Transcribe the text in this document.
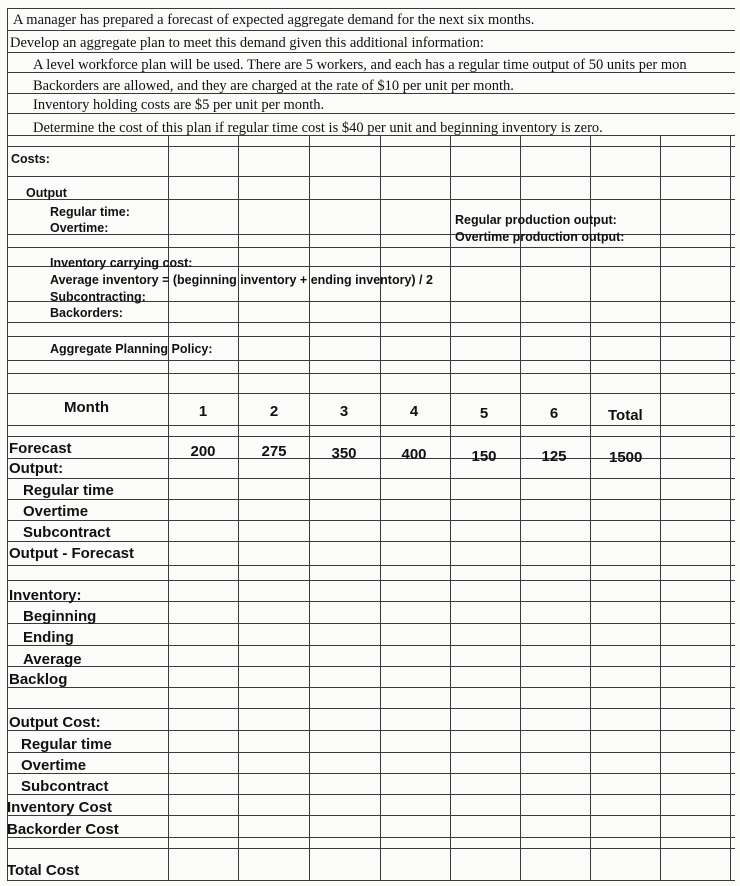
A manager has prepared a forecast of expected aggregate demand for the next six months.
Develop an aggregate plan to meet this demand given this additional information:
A level workforce plan will be used. There are 5 workers, and each has a regular time output of 50 units per mon
Backorders are allowed, and they are charged at the rate of $10 per unit per month.
Inventory holding costs are $5 per unit per month.
Determine the cost of this plan if regular time cost is $40 per unit and beginning inventory is zero.
Costs:
Output
Regular time:
Overtime:
Regular production output:
Overtime production output:
Inventory carrying cost:
Average inventory = (beginning inventory + ending inventory) / 2
Subcontracting:
Backorders:
Aggregate Planning Policy:
Month	1	2	3	4	5	6	Total
Forecast	200	275	350	400	150	125	1500
Output:
Regular time
Overtime
Subcontract
Output - Forecast
Inventory:
Beginning
Ending
Average
Backlog
Output Cost:
Regular time
Overtime
Subcontract
Inventory Cost
Backorder Cost
Total Cost
